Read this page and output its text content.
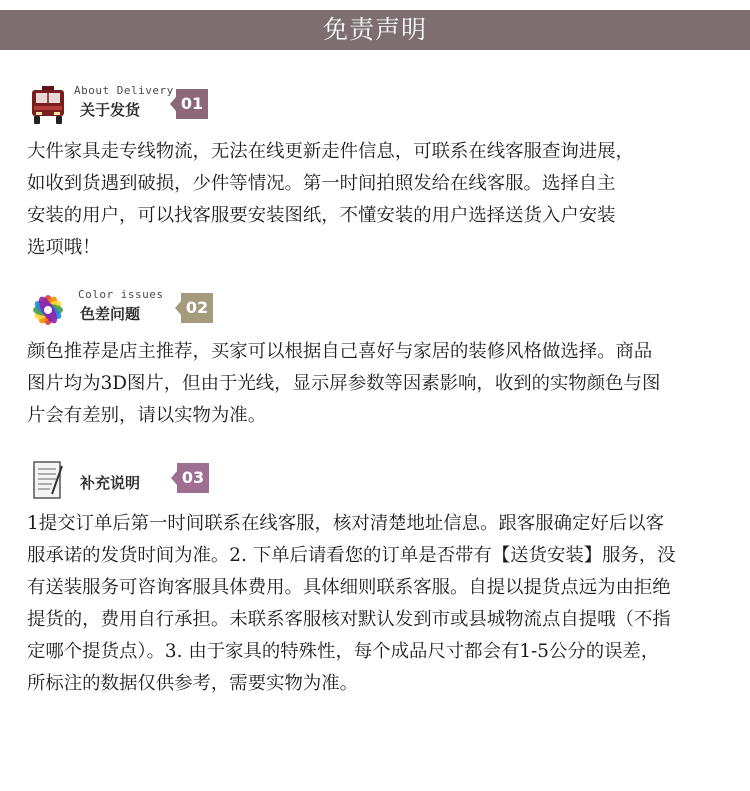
免责声明
About Delivery
关于发货	01
大件家具走专线物流，无法在线更新走件信息，可联系在线客服查询进展，
如收到货遇到破损，少件等情况。第一时间拍照发给在线客服。选择自主
安装的用户，可以找客服要安装图纸，不懂安装的用户选择送货入户安装
选项哦！
Color issues
色差问题	02
颜色推荐是店主推荐，买家可以根据自己喜好与家居的装修风格做选择。商品
图片均为3D图片，但由于光线，显示屏参数等因素影响，收到的实物颜色与图
片会有差别，请以实物为准。
补充说明	03
1提交订单后第一时间联系在线客服，核对清楚地址信息。跟客服确定好后以客
服承诺的发货时间为准。2. 下单后请看您的订单是否带有【送货安装】服务，没
有送装服务可咨询客服具体费用。具体细则联系客服。自提以提货点远为由拒绝
提货的，费用自行承担。未联系客服核对默认发到市或县城物流点自提哦（不指
定哪个提货点）。3. 由于家具的特殊性，每个成品尺寸都会有1-5公分的误差，
所标注的数据仅供参考，需要实物为准。
